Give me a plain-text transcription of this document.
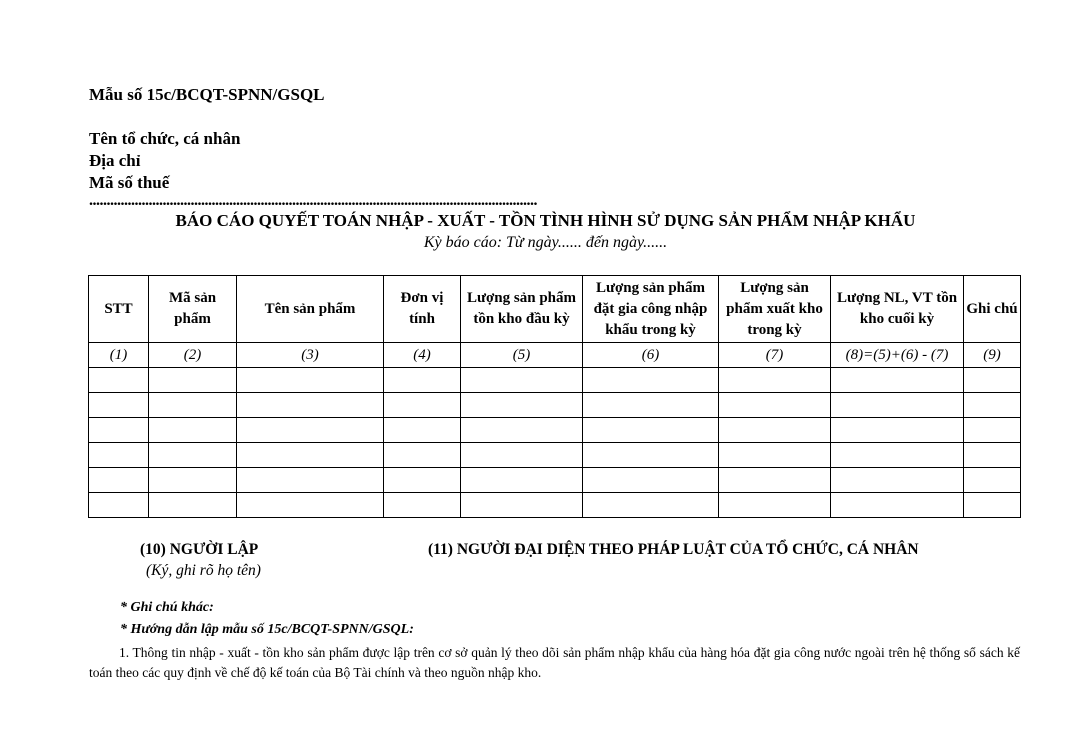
Mẫu số 15c/BCQT-SPNN/GSQL
Tên tổ chức, cá nhân
Địa chỉ
Mã số thuế
................................................................................................................................
BÁO CÁO QUYẾT TOÁN NHẬP - XUẤT - TỒN TÌNH HÌNH SỬ DỤNG SẢN PHẨM NHẬP KHẨU
Kỳ báo cáo: Từ ngày...... đến ngày......
STT	Mã sản phẩm	Tên sản phẩm	Đơn vị tính	Lượng sản phẩm tồn kho đầu kỳ	Lượng sản phẩm đặt gia công nhập khẩu trong kỳ	Lượng sản phẩm xuất kho trong kỳ	Lượng NL, VT tồn kho cuối kỳ	Ghi chú
(1)	(2)	(3)	(4)	(5)	(6)	(7)	(8)=(5)+(6) - (7)	(9)

(10) NGƯỜI LẬP
(Ký, ghi rõ họ tên)
(11) NGƯỜI ĐẠI DIỆN THEO PHÁP LUẬT CỦA TỔ CHỨC, CÁ NHÂN
* Ghi chú khác:
* Hướng dẫn lập mẫu số 15c/BCQT-SPNN/GSQL:
1. Thông tin nhập - xuất - tồn kho sản phẩm được lập trên cơ sở quản lý theo dõi sản phẩm nhập khẩu của hàng hóa đặt gia công nước ngoài trên hệ thống sổ sách kế toán theo các quy định về chế độ kế toán của Bộ Tài chính và theo nguồn nhập kho.
